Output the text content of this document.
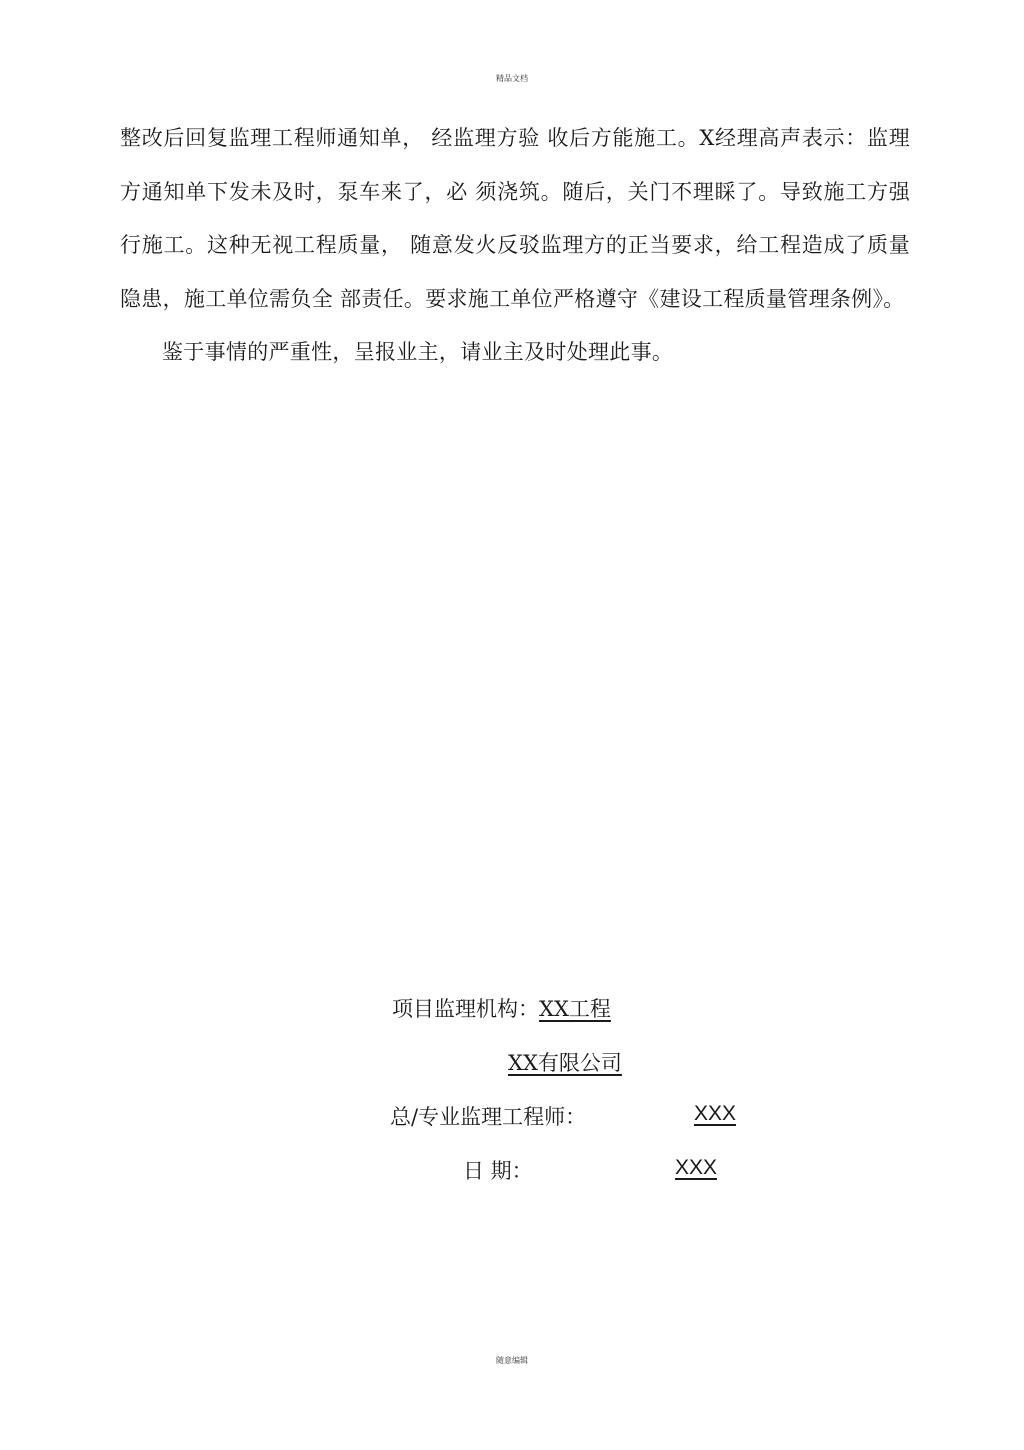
精品文档

整改后回复监理工程师通知单， 经监理方验 收后方能施工。X经理高声表示：监理方通知单下发未及时，泵车来了，必 须浇筑。随后，关门不理睬了。导致施工方强行施工。这种无视工程质量， 随意发火反驳监理方的正当要求，给工程造成了质量隐患，施工单位需负全 部责任。要求施工单位严格遵守《建设工程质量管理条例》。

鉴于事情的严重性，呈报业主，请业主及时处理此事。

项目监理机构：XX工程
XX有限公司
总/专业监理工程师：	XXX
日 期：	XXX
随意编辑
